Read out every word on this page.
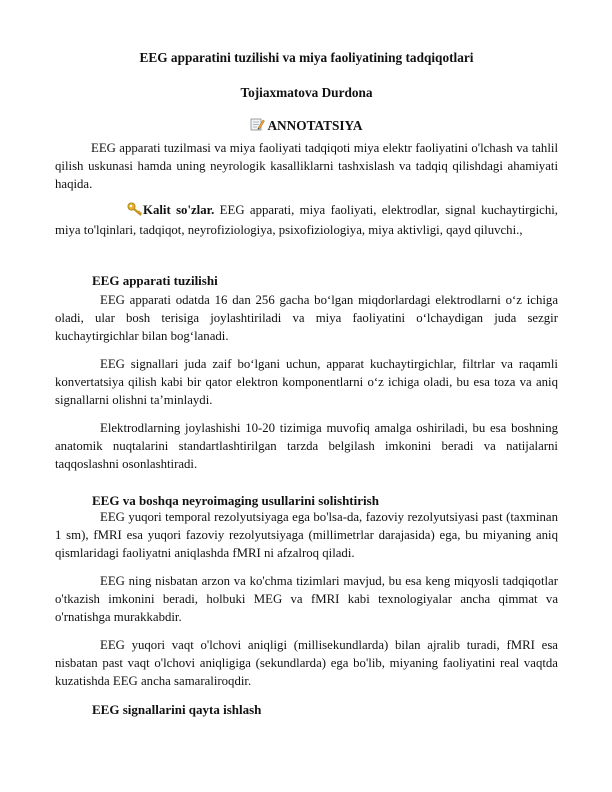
EEG apparatini tuzilishi va miya faoliyatining tadqiqotlari
Tojiaxmatova Durdona
ANNOTATSIYA

EEG apparati tuzilmasi va miya faoliyati tadqiqoti miya elektr faoliyatini o'lchash va tahlil qilish uskunasi hamda uning neyrologik kasalliklarni tashxislash va tadqiq qilishdagi ahamiyati haqida.

Kalit so'zlar. EEG apparati, miya faoliyati, elektrodlar, signal kuchaytirgichi, miya to'lqinlari, tadqiqot, neyrofiziologiya, psixofiziologiya, miya aktivligi, qayd qiluvchi.,

EEG apparati tuzilishi

EEG apparati odatda 16 dan 256 gacha bo‘lgan miqdorlardagi elektrodlarni o‘z ichiga oladi, ular bosh terisiga joylashtiriladi va miya faoliyatini o‘lchaydigan juda sezgir kuchaytirgichlar bilan bog‘lanadi.

EEG signallari juda zaif bo‘lgani uchun, apparat kuchaytirgichlar, filtrlar va raqamli konvertatsiya qilish kabi bir qator elektron komponentlarni o‘z ichiga oladi, bu esa toza va aniq signallarni olishni ta’minlaydi.

Elektrodlarning joylashishi 10-20 tizimiga muvofiq amalga oshiriladi, bu esa boshning anatomik nuqtalarini standartlashtirilgan tarzda belgilash imkonini beradi va natijalarni taqqoslashni osonlashtiradi.

EEG va boshqa neyroimaging usullarini solishtirish

EEG yuqori temporal rezolyutsiyaga ega bo'lsa-da, fazoviy rezolyutsiyasi past (taxminan 1 sm), fMRI esa yuqori fazoviy rezolyutsiyaga (millimetrlar darajasida) ega, bu miyaning aniq qismlaridagi faoliyatni aniqlashda fMRI ni afzalroq qiladi.

EEG ning nisbatan arzon va ko'chma tizimlari mavjud, bu esa keng miqyosli tadqiqotlar o'tkazish imkonini beradi, holbuki MEG va fMRI kabi texnologiyalar ancha qimmat va o'rnatishga murakkabdir.

EEG yuqori vaqt o'lchovi aniqligi (millisekundlarda) bilan ajralib turadi, fMRI esa nisbatan past vaqt o'lchovi aniqligiga (sekundlarda) ega bo'lib, miyaning faoliyatini real vaqtda kuzatishda EEG ancha samaraliroqdir.

EEG signallarini qayta ishlash
